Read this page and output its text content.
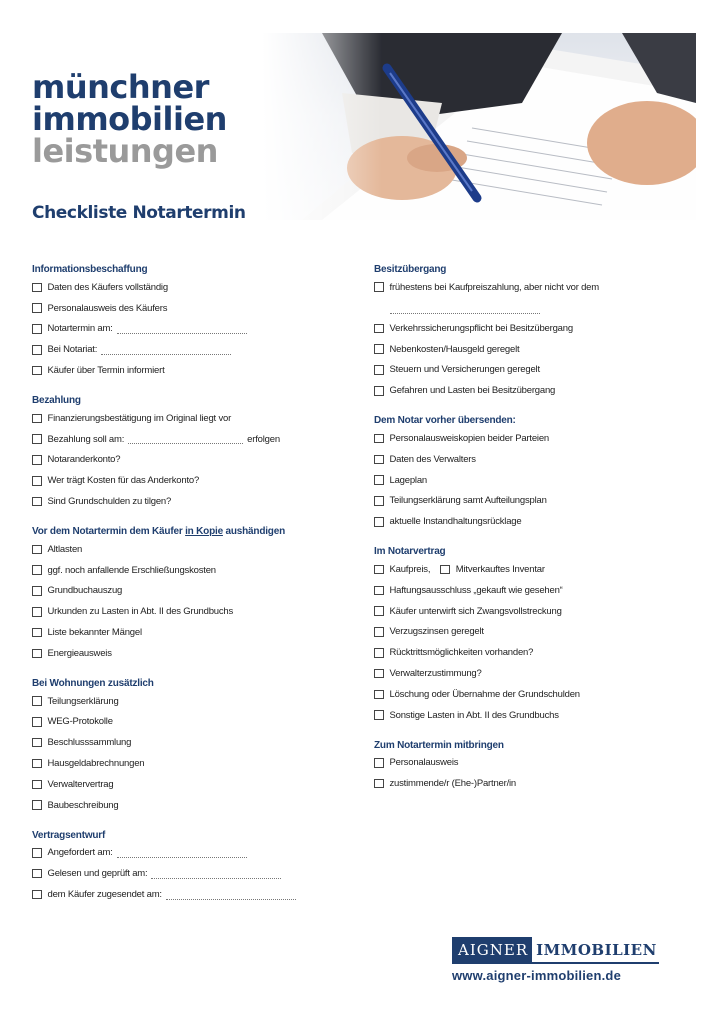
münchner
immobilien
leistungen
Checkliste Notartermin
Informationsbeschaffung
Daten des Käufers vollständig
Personalausweis des Käufers
Notartermin am:
Bei Notariat:
Käufer über Termin informiert
Bezahlung
Finanzierungsbestätigung im Original liegt vor
Bezahlung soll am:	erfolgen
Notaranderkonto?
Wer trägt Kosten für das Anderkonto?
Sind Grundschulden zu tilgen?
Vor dem Notartermin dem Käufer in Kopie aushändigen
Altlasten
ggf. noch anfallende Erschließungskosten
Grundbuchauszug
Urkunden zu Lasten in Abt. II des Grundbuchs
Liste bekannter Mängel
Energieausweis
Bei Wohnungen zusätzlich
Teilungserklärung
WEG-Protokolle
Beschlusssammlung
Hausgeldabrechnungen
Verwaltervertrag
Baubeschreibung
Vertragsentwurf
Angefordert am:
Gelesen und geprüft am:
dem Käufer zugesendet am:
Besitzübergang
frühestens bei Kaufpreiszahlung, aber nicht vor dem
Verkehrssicherungspflicht bei Besitzübergang
Nebenkosten/Hausgeld geregelt
Steuern und Versicherungen geregelt
Gefahren und Lasten bei Besitzübergang
Dem Notar vorher übersenden:
Personalausweiskopien beider Parteien
Daten des Verwalters
Lageplan
Teilungserklärung samt Aufteilungsplan
aktuelle Instandhaltungsrücklage
Im Notarvertrag
Kaufpreis,	Mitverkauftes Inventar
Haftungsausschluss „gekauft wie gesehen“
Käufer unterwirft sich Zwangsvollstreckung
Verzugszinsen geregelt
Rücktrittsmöglichkeiten vorhanden?
Verwalterzustimmung?
Löschung oder Übernahme der Grundschulden
Sonstige Lasten in Abt. II des Grundbuchs
Zum Notartermin mitbringen
Personalausweis
zustimmende/r (Ehe-)Partner/in
AIGNER IMMOBILIEN
www.aigner-immobilien.de
